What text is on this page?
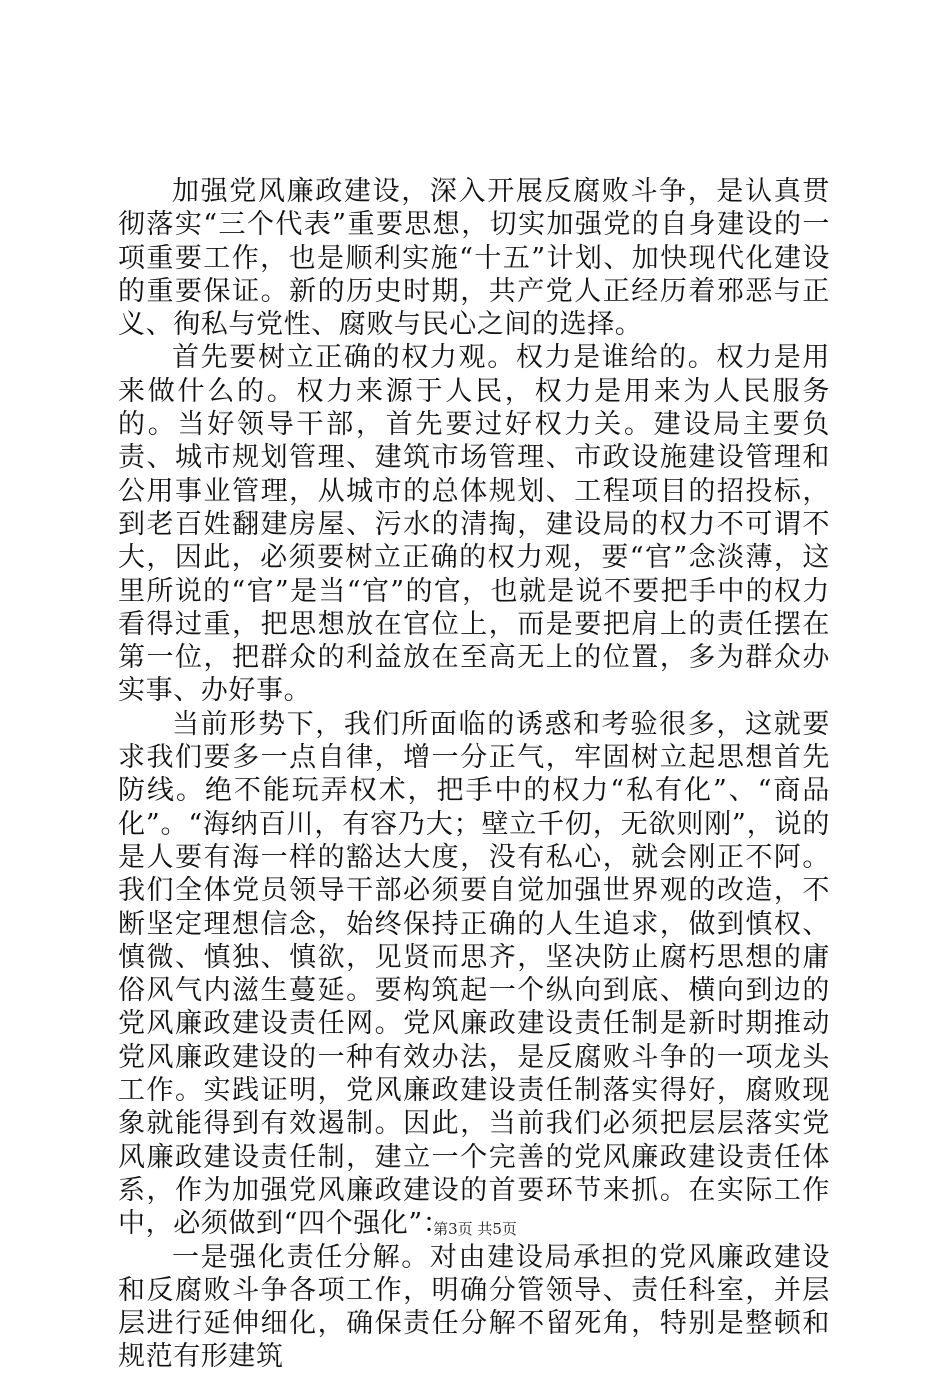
加强党风廉政建设，深入开展反腐败斗争，是认真贯彻落实“三个代表”重要思想，切实加强党的自身建设的一项重要工作，也是顺利实施“十五”计划、加快现代化建设的重要保证。新的历史时期，共产党人正经历着邪恶与正义、徇私与党性、腐败与民心之间的选择。

首先要树立正确的权力观。权力是谁给的。权力是用来做什么的。权力来源于人民，权力是用来为人民服务的。当好领导干部，首先要过好权力关。建设局主要负责、城市规划管理、建筑市场管理、市政设施建设管理和公用事业管理，从城市的总体规划、工程项目的招投标，到老百姓翻建房屋、污水的清掏，建设局的权力不可谓不大，因此，必须要树立正确的权力观，要“官”念淡薄，这里所说的“官”是当“官”的官，也就是说不要把手中的权力看得过重，把思想放在官位上，而是要把肩上的责任摆在第一位，把群众的利益放在至高无上的位置，多为群众办实事、办好事。

当前形势下，我们所面临的诱惑和考验很多，这就要求我们要多一点自律，增一分正气，牢固树立起思想首先防线。绝不能玩弄权术，把手中的权力“私有化”、“商品化”。“海纳百川，有容乃大；壁立千仞，无欲则刚”，说的是人要有海一样的豁达大度，没有私心，就会刚正不阿。我们全体党员领导干部必须要自觉加强世界观的改造，不断坚定理想信念，始终保持正确的人生追求，做到慎权、慎微、慎独、慎欲，见贤而思齐，坚决防止腐朽思想的庸俗风气内滋生蔓延。要构筑起一个纵向到底、横向到边的党风廉政建设责任网。党风廉政建设责任制是新时期推动党风廉政建设的一种有效办法，是反腐败斗争的一项龙头工作。实践证明，党风廉政建设责任制落实得好，腐败现象就能得到有效遏制。因此，当前我们必须把层层落实党风廉政建设责任制，建立一个完善的党风廉政建设责任体系，作为加强党风廉政建设的首要环节来抓。在实际工作中，必须做到“四个强化”：

一是强化责任分解。对由建设局承担的党风廉政建设和反腐败斗争各项工作，明确分管领导、责任科室，并层层进行延伸细化，确保责任分解不留死角，特别是整顿和规范有形建筑

第3页 共5页
